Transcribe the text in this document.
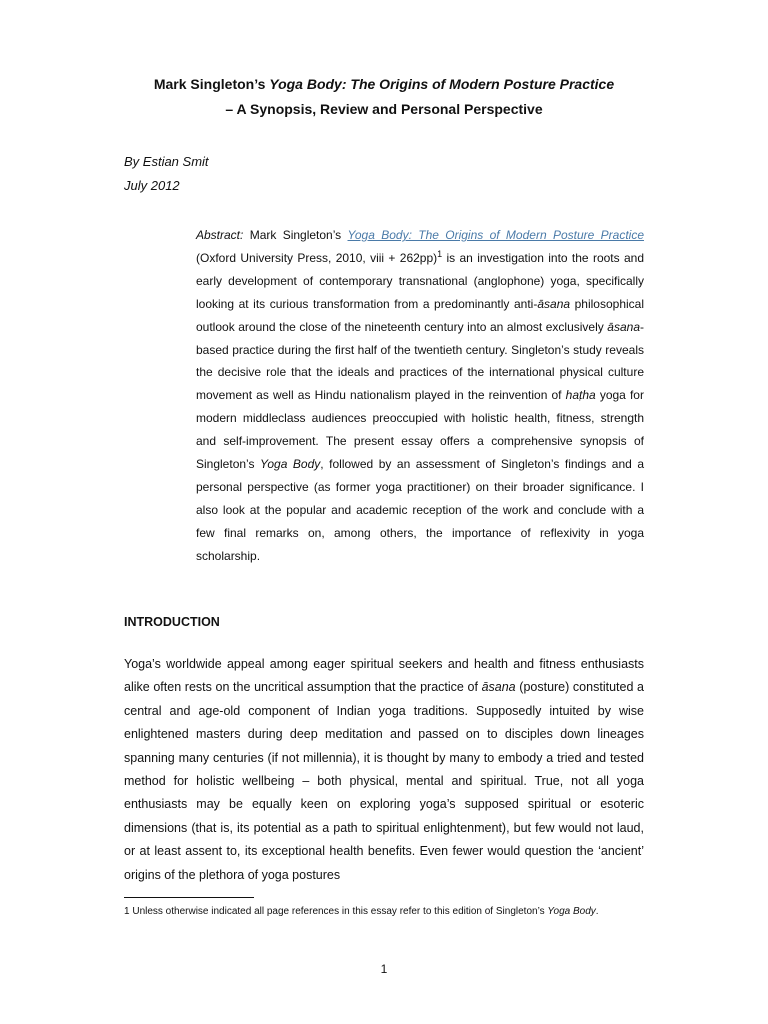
Mark Singleton’s Yoga Body: The Origins of Modern Posture Practice

– A Synopsis, Review and Personal Perspective

By Estian Smit

July 2012

Abstract: Mark Singleton’s Yoga Body: The Origins of Modern Posture Practice (Oxford University Press, 2010, viii + 262pp)$^1$ is an investigation into the roots and early development of contemporary transnational (anglophone) yoga, specifically looking at its curious transformation from a predominantly anti-āsana philosophical outlook around the close of the nineteenth century into an almost exclusively āsana-based practice during the first half of the twentieth century. Singleton’s study reveals the decisive role that the ideals and practices of the international physical culture movement as well as Hindu nationalism played in the reinvention of haṭha yoga for modern middleclass audiences preoccupied with holistic health, fitness, strength and self-improvement. The present essay offers a comprehensive synopsis of Singleton’s Yoga Body, followed by an assessment of Singleton’s findings and a personal perspective (as former yoga practitioner) on their broader significance. I also look at the popular and academic reception of the work and conclude with a few final remarks on, among others, the importance of reflexivity in yoga scholarship.

INTRODUCTION

Yoga’s worldwide appeal among eager spiritual seekers and health and fitness enthusiasts alike often rests on the uncritical assumption that the practice of āsana (posture) constituted a central and age-old component of Indian yoga traditions. Supposedly intuited by wise enlightened masters during deep meditation and passed on to disciples down lineages spanning many centuries (if not millennia), it is thought by many to embody a tried and tested method for holistic wellbeing – both physical, mental and spiritual. True, not all yoga enthusiasts may be equally keen on exploring yoga’s supposed spiritual or esoteric dimensions (that is, its potential as a path to spiritual enlightenment), but few would not laud, or at least assent to, its exceptional health benefits. Even fewer would question the ‘ancient’ origins of the plethora of yoga postures

1 Unless otherwise indicated all page references in this essay refer to this edition of Singleton’s Yoga Body.

1
